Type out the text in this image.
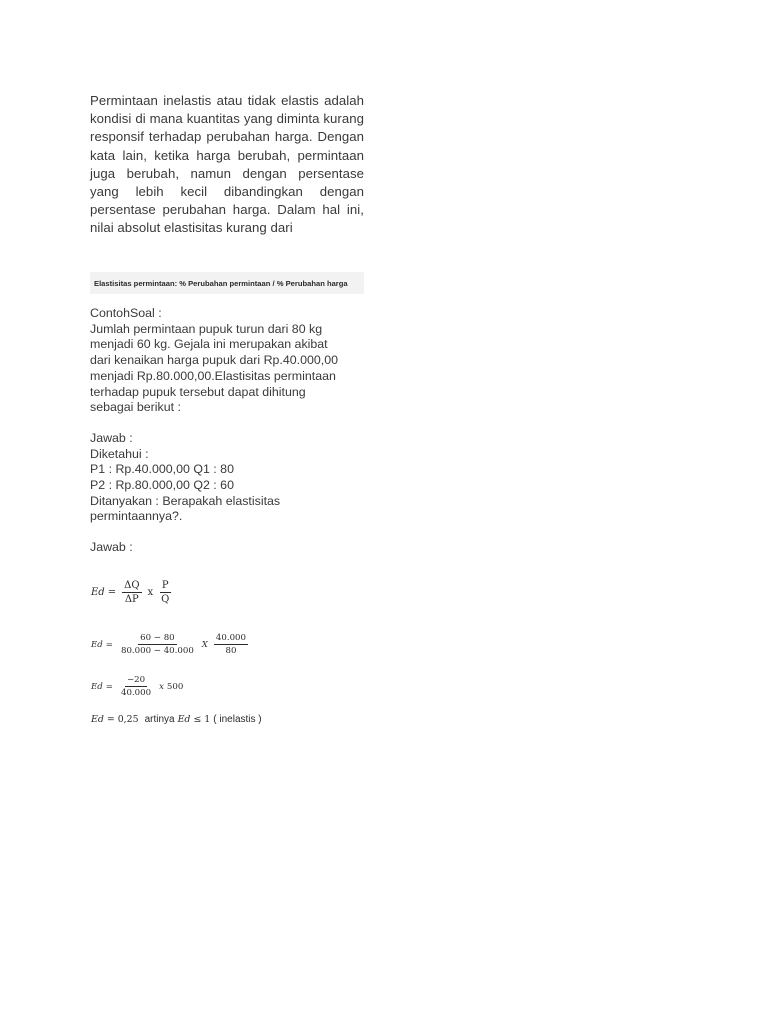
Permintaan inelastis atau tidak elastis adalah kondisi di mana kuantitas yang diminta kurang responsif terhadap perubahan harga. Dengan kata lain, ketika harga berubah, permintaan juga berubah, namun dengan persentase yang lebih kecil dibandingkan dengan persentase perubahan harga. Dalam hal ini, nilai absolut elastisitas kurang dari

Elastisitas permintaan: % Perubahan permintaan / % Perubahan harga
ContohSoal :
Jumlah permintaan pupuk turun dari 80 kg
menjadi 60 kg. Gejala ini merupakan akibat
dari kenaikan harga pupuk dari Rp.40.000,00
menjadi Rp.80.000,00.Elastisitas permintaan
terhadap pupuk tersebut dapat dihitung
sebagai berikut :
Jawab :
Diketahui :
P1 : Rp.40.000,00 Q1 : 80
P2 : Rp.80.000,00 Q2 : 60
Ditanyakan : Berapakah elastisitas
permintaannya?.
Jawab :
$Ed = \frac{\Delta Q}{\Delta P}$ x $\frac{P}{Q}$
$Ed = \frac{60 - 80}{80.000 - 40.000}$ X $\frac{40.000}{80}$
$Ed = \frac{-20}{40.000}$ x 500
Ed = 0,25 artinya Ed ≤ 1 ( inelastis )
